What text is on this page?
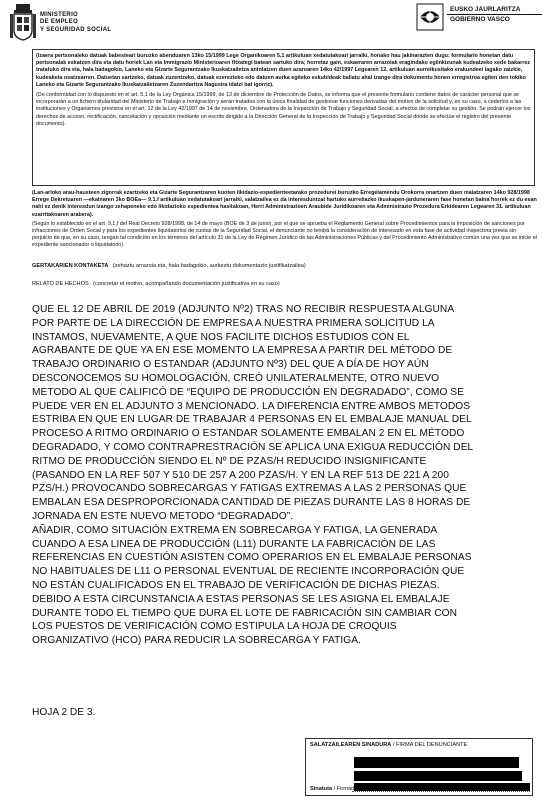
MINISTERIO
DE EMPLEO
Y SEGURIDAD SOCIAL
EUSKO JAURLARITZA
GOBIERNO VASCO
(Izaera pertsonaleko datuak babesteari buruzko abenduaren 13ko 15/1999 Lege Organikoaren 5.1 artikuluan xedatutakoari jarraiki, honako hau jakinarazten dugu: formulario honetan datu pertsonalak eskatzen dira eta datu horiek Lan eta Immigrazio Ministerioaren fitxategi batean sartuko dira; horretaz gain, eskaeraren arrazoiak eragindako egiinkizunak kudeatzeko xede bakarrez tratatuko dira eta, hala badagokio, Laneko eta Gizarte Segurantzako Ikuskatzailetza antolatzen duen azaroaren 14ko 42/1997 Legearen 12. artikuluan aurreikusitako erakundeei lagako zaizkie, kudeaketa osatzearren. Datuetan sartzeko, datuak zuzentzeko, datuak ezerezteko edo datuen aurka egiteko eskubideak baliatu ahal izango dira dokumentu honen erregistroa egiten den tokiko Laneko eta Gizarte Segurantzako Ikuskatzailetzaren Zuzendaritza Nagusira idatzi bat igorriz).
(De conformidad con lo dispuesto en el art. 5,1 de la Ley Orgánica 15/1999, de 13 de diciembre de Protección de Datos, se informa que el presente formulario contiene datos de carácter personal que se incorporarán a un fichero titularidad del Ministerio de Trabajo e Inmigración y serán tratados con la única finalidad de gestionar funciones derivadas del motivo de la solicitud y, en su caso, a cederlos a las instituciones y Organismos previstos en el art. 12 de la Ley 42/1997 de 14 de noviembre, Ordenadora de la Inspección de Trabajo y Seguridad Social, a efectos de completar su gestión. Se podrán ejercer los derechos de acceso, rectificación, cancelación y oposición mediante un escrito dirigido a la Dirección General de la Inspección de Trabajo y Seguridad Social donde se efectúe el registro del presente documento).
(Lan-arloko arau-hausteen zigorrak ezartzeko eta Gizarte Segurantzaren kuoten likidazio-espedienteetarako prozedurei buruzko Erregelamendu Orokorra onartzen duen maiatzaren 14ko 928/1998 Errege Dekretuaren —ekainaren 3ko BOEa— 9.1.f artikuluan xedatutakoari jarraiki, salatzailea ez da interesduntzat hartuko aurretiazko ikuskapen-jarduneraren fase honetan baina horrek ez du esan nahi ez denik interesdun izango zehapeneko edo likidazioko espedientea hasitakoan, Herri Administrazioen Araubide Juridikoaren eta Administrazio Prozedura Erkidearen Legearen 31. artikuluan ezarritakoaren arabera).
(Según lo establecido en el art. 9,1,f del Real Decreto 928/1998, de 14 de mayo (BOE de 3 de junio), por el que se aprueba el Reglamento General sobre Procedimientos para la imposición de sanciones por infracciones de Orden Social y para los expedientes liquidatorios de cuotas de la Seguridad Social, el denunciante no tendrá la consideración de interesado en esta fase de actividad inspectora previa sin perjuicio de que, en su caso, tengan tal condición en los términos del artículo 31 de la Ley de Régimen Jurídico de las Administraciones Públicas y del Procedimiento Administrativo común una vez que se inicie el expediente sancionador o liquidatorio).
GERTAKARIEN KONTAKETA (zehaztu arrazoia eta, hala badagokio, aurkeztu dokumentazio justifikatzailea)
RELATO DE HECHOS (concretar el motivo, acompañando documentación justificativa en su caso)
QUE EL 12 DE ABRIL DE 2019 (ADJUNTO Nº2) TRAS NO RECIBIR RESPUESTA ALGUNA
POR PARTE DE LA DIRECCIÓN DE EMPRESA A NUESTRA PRIMERA SOLICITUD LA
INSTAMOS, NUEVAMENTE, A QUE NOS FACILITE DICHOS ESTUDIOS CON EL
AGRABANTE DE QUE YA EN ESE MOMENTO LA EMPRESA A PARTIR DEL MÉTODO DE
TRABAJO ORDINARIO O ESTANDAR (ADJUNTO Nº3) DEL QUE A DÍA DE HOY AÚN
DESCONOCEMOS SU HOMOLOGACIÓN, CREÓ UNILATERALMENTE, OTRO NUEVO
METODO AL QUE CALIFICÓ DE “EQUIPO DE PRODUCCIÓN EN DEGRADADO”, COMO SE
PUEDE VER EN EL ADJUNTO 3 MENCIONADO. LA DIFERENCIA ENTRE AMBOS METODOS
ESTRIBA EN QUE EN LUGAR DE TRABAJAR 4 PERSONAS EN EL EMBALAJE MANUAL DEL
PROCESO A RITMO ORDINARIO O ESTANDAR SOLAMENTE EMBALAN 2 EN EL MÉTODO
DEGRADADO, Y COMO CONTRAPRESTRACIÓN SE APLICA UNA EXIGUA REDUCCIÓN DEL
RITMO DE PRODUCCIÓN SIENDO EL Nº DE PZAS/H REDUCIDO INSIGNIFICANTE
(PASANDO EN LA REF 507 Y 510 DE 257 A 200 PZAS/H. Y EN LA REF 513 DE 221 A 200
PZS/H.) PROVOCANDO SOBRECARGAS Y FATIGAS EXTREMAS A LAS 2 PERSONAS QUE
EMBALAN ESA DESPROPORCIONADA CANTIDAD DE PIEZAS DURANTE LAS 8 HORAS DE
JORNADA EN ESTE NUEVO METODO “DEGRADADO”.
AÑADIR, COMO SITUACIÓN EXTREMA EN SOBRECARGA Y FATIGA, LA GENERADA
CUANDO A ESA LINEA DE PRODUCCIÓN (L11) DURANTE LA FABRICACIÓN DE LAS
REFERENCIAS EN CUESTIÓN ASISTEN COMO OPERARIOS EN EL EMBALAJE PERSONAS
NO HABITUALES DE L11 O PERSONAL EVENTUAL DE RECIENTE INCORPORACIÓN QUE
NO ESTÁN CUALIFICADOS EN EL TRABAJO DE VERIFICACIÓN DE DICHAS PIEZAS.
DEBIDO A ESTA CIRCUNSTANCIA A ESTAS PERSONAS SE LES ASIGNA EL EMBALAJE
DURANTE TODO EL TIEMPO QUE DURA EL LOTE DE FABRICACIÓN SIN CAMBIAR CON
LOS PUESTOS DE VERIFICACIÓN COMO ESTIPULA LA HOJA DE CROQUIS
ORGANIZATIVO (HCO) PARA REDUCIR LA SOBRECARGA Y FATIGA.
HOJA 2 DE 3.
SALATZAILEAREN SINADURA / FIRMA DEL DENUNCIANTE
Sinatuta / Firmado:
